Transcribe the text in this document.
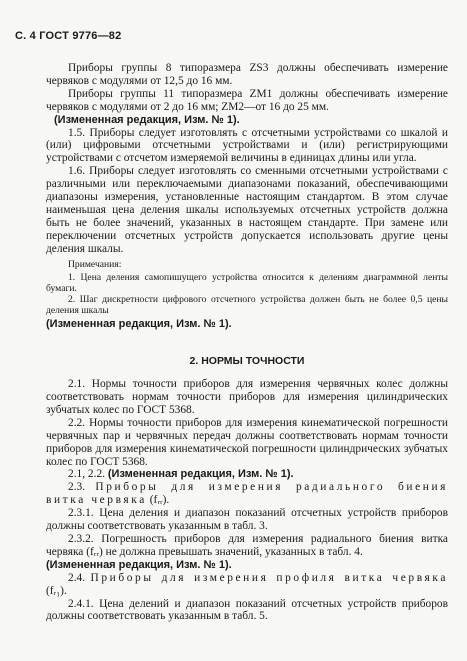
С. 4 ГОСТ 9776—82

Приборы группы 8 типоразмера ZS3 должны обеспечивать измерение червяков с модулями от 12,5 до 16 мм.

Приборы группы 11 типоразмера ZM1 должны обеспечивать измерение червяков с модулями от 2 до 16 мм; ZM2—от 16 до 25 мм.

(Измененная редакция, Изм. № 1).

1.5. Приборы следует изготовлять с отсчетными устройствами со шкалой и (или) цифровыми отсчетными устройствами и (или) регистрирующими устройствами с отсчетом измеряемой величины в единицах длины или угла.

1.6. Приборы следует изготовлять со сменными отсчетными устройствами с различными или переключаемыми диапазонами показаний, обеспечивающими диапазоны измерения, установленные настоящим стандартом. В этом случае наименьшая цена деления шкалы используемых отсчетных устройств должна быть не более значений, указанных в настоящем стандарте. При замене или переключении отсчетных устройств допускается использовать другие цены деления шкалы.

Примечания:

1. Цена деления самопишущего устройства относится к делениям диаграммной ленты бумаги.

2. Шаг дискретности цифрового отсчетного устройства должен быть не более 0,5 цены деления шкалы

(Измененная редакция, Изм. № 1).

2. НОРМЫ ТОЧНОСТИ

2.1. Нормы точности приборов для измерения червячных колес должны соответствовать нормам точности приборов для измерения цилиндрических зубчатых колес по ГОСТ 5368.

2.2. Нормы точности приборов для измерения кинематической погрешности червячных пар и червячных передач должны соответствовать нормам точности приборов для измерения кинематической погрешности цилиндрических зубчатых колес по ГОСТ 5368.

2.1, 2.2. (Измененная редакция, Изм. № 1).

2.3. Приборы для измерения радиального биения витка червяка (fᵣᵣ).

2.3.1. Цена деления и диапазон показаний отсчетных устройств приборов должны соответствовать указанным в табл. 3.

2.3.2. Погрешность приборов для измерения радиального биения витка червяка (fᵣᵣ) не должна превышать значений, указанных в табл. 4.

(Измененная редакция, Изм. № 1).

2.4. Приборы для измерения профиля витка червяка (fᵣ₁).

2.4.1. Цена делений и диапазон показаний отсчетных устройств приборов должны соответствовать указанным в табл. 5.
